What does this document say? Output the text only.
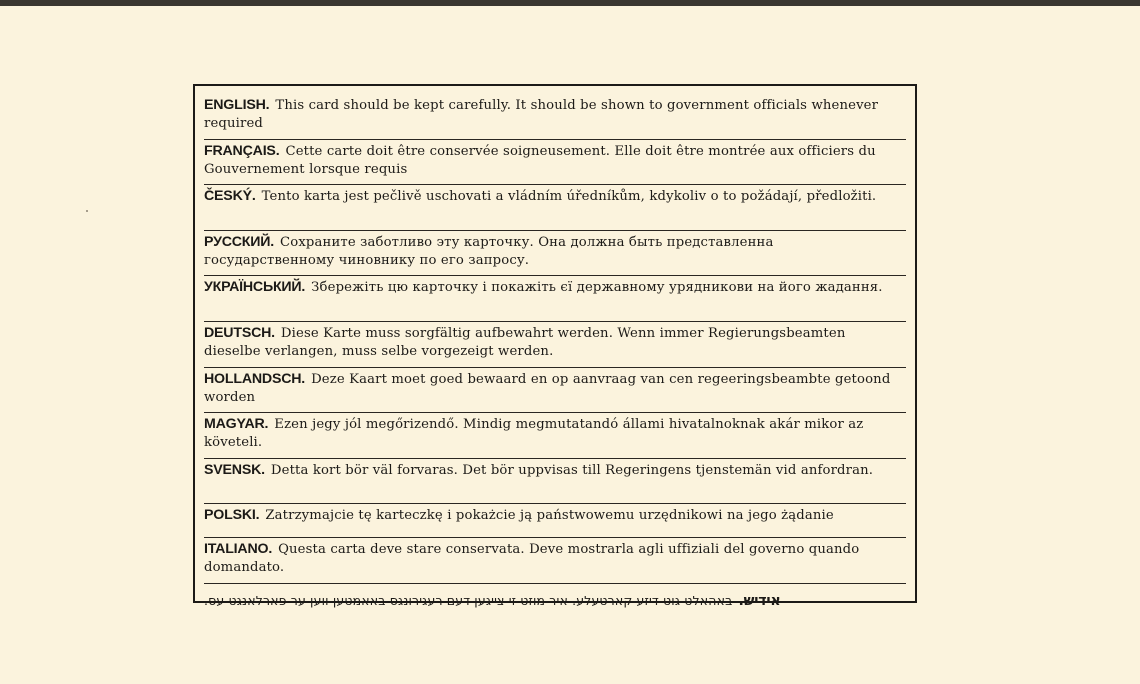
ENGLISH. This card should be kept carefully. It should be shown to government officials whenever required
FRANÇAIS. Cette carte doit être conservée soigneusement. Elle doit être montrée aux officiers du Gouvernement lorsque requis
ČESKÝ. Tento karta jest pečlivě uschovati a vládním úředníkům, kdykoliv o to požádají, předložiti.
РУССКИЙ. Сохраните заботливо эту карточку. Она должна быть представленна государственному чиновнику по его запросу.
УКРАЇНСЬКИЙ. Збережіть цю карточку і покажіть єї державному урядникови на його жадання.
DEUTSCH. Diese Karte muss sorgfältig aufbewahrt werden. Wenn immer Regierungsbeamten dieselbe verlangen, muss selbe vorgezeigt werden.
HOLLANDSCH. Deze Kaart moet goed bewaard en op aanvraag van cen regeeringsbeambte getoond worden
MAGYAR. Ezen jegy jól megőrizendő. Mindig megmutatandó állami hivatalnoknak akár mikor az követeli.
SVENSK. Detta kort bör väl forvaras. Det bör uppvisas till Regeringens tjenstemän vid anfordran.
POLSKI. Zatrzymajcie tę karteczkę i pokażcie ją państwowemu urzędnikowi na jego żądanie
ITALIANO. Questa carta deve stare conservata. Deve mostrarla agli uffiziali del governo quando domandato.
אידיש.באהאלט גוט דיזע קארטעלע. איר מוזט זי צייגען דעם רעגירונגס באאמטען ווען ער פארלאנגט עס.
